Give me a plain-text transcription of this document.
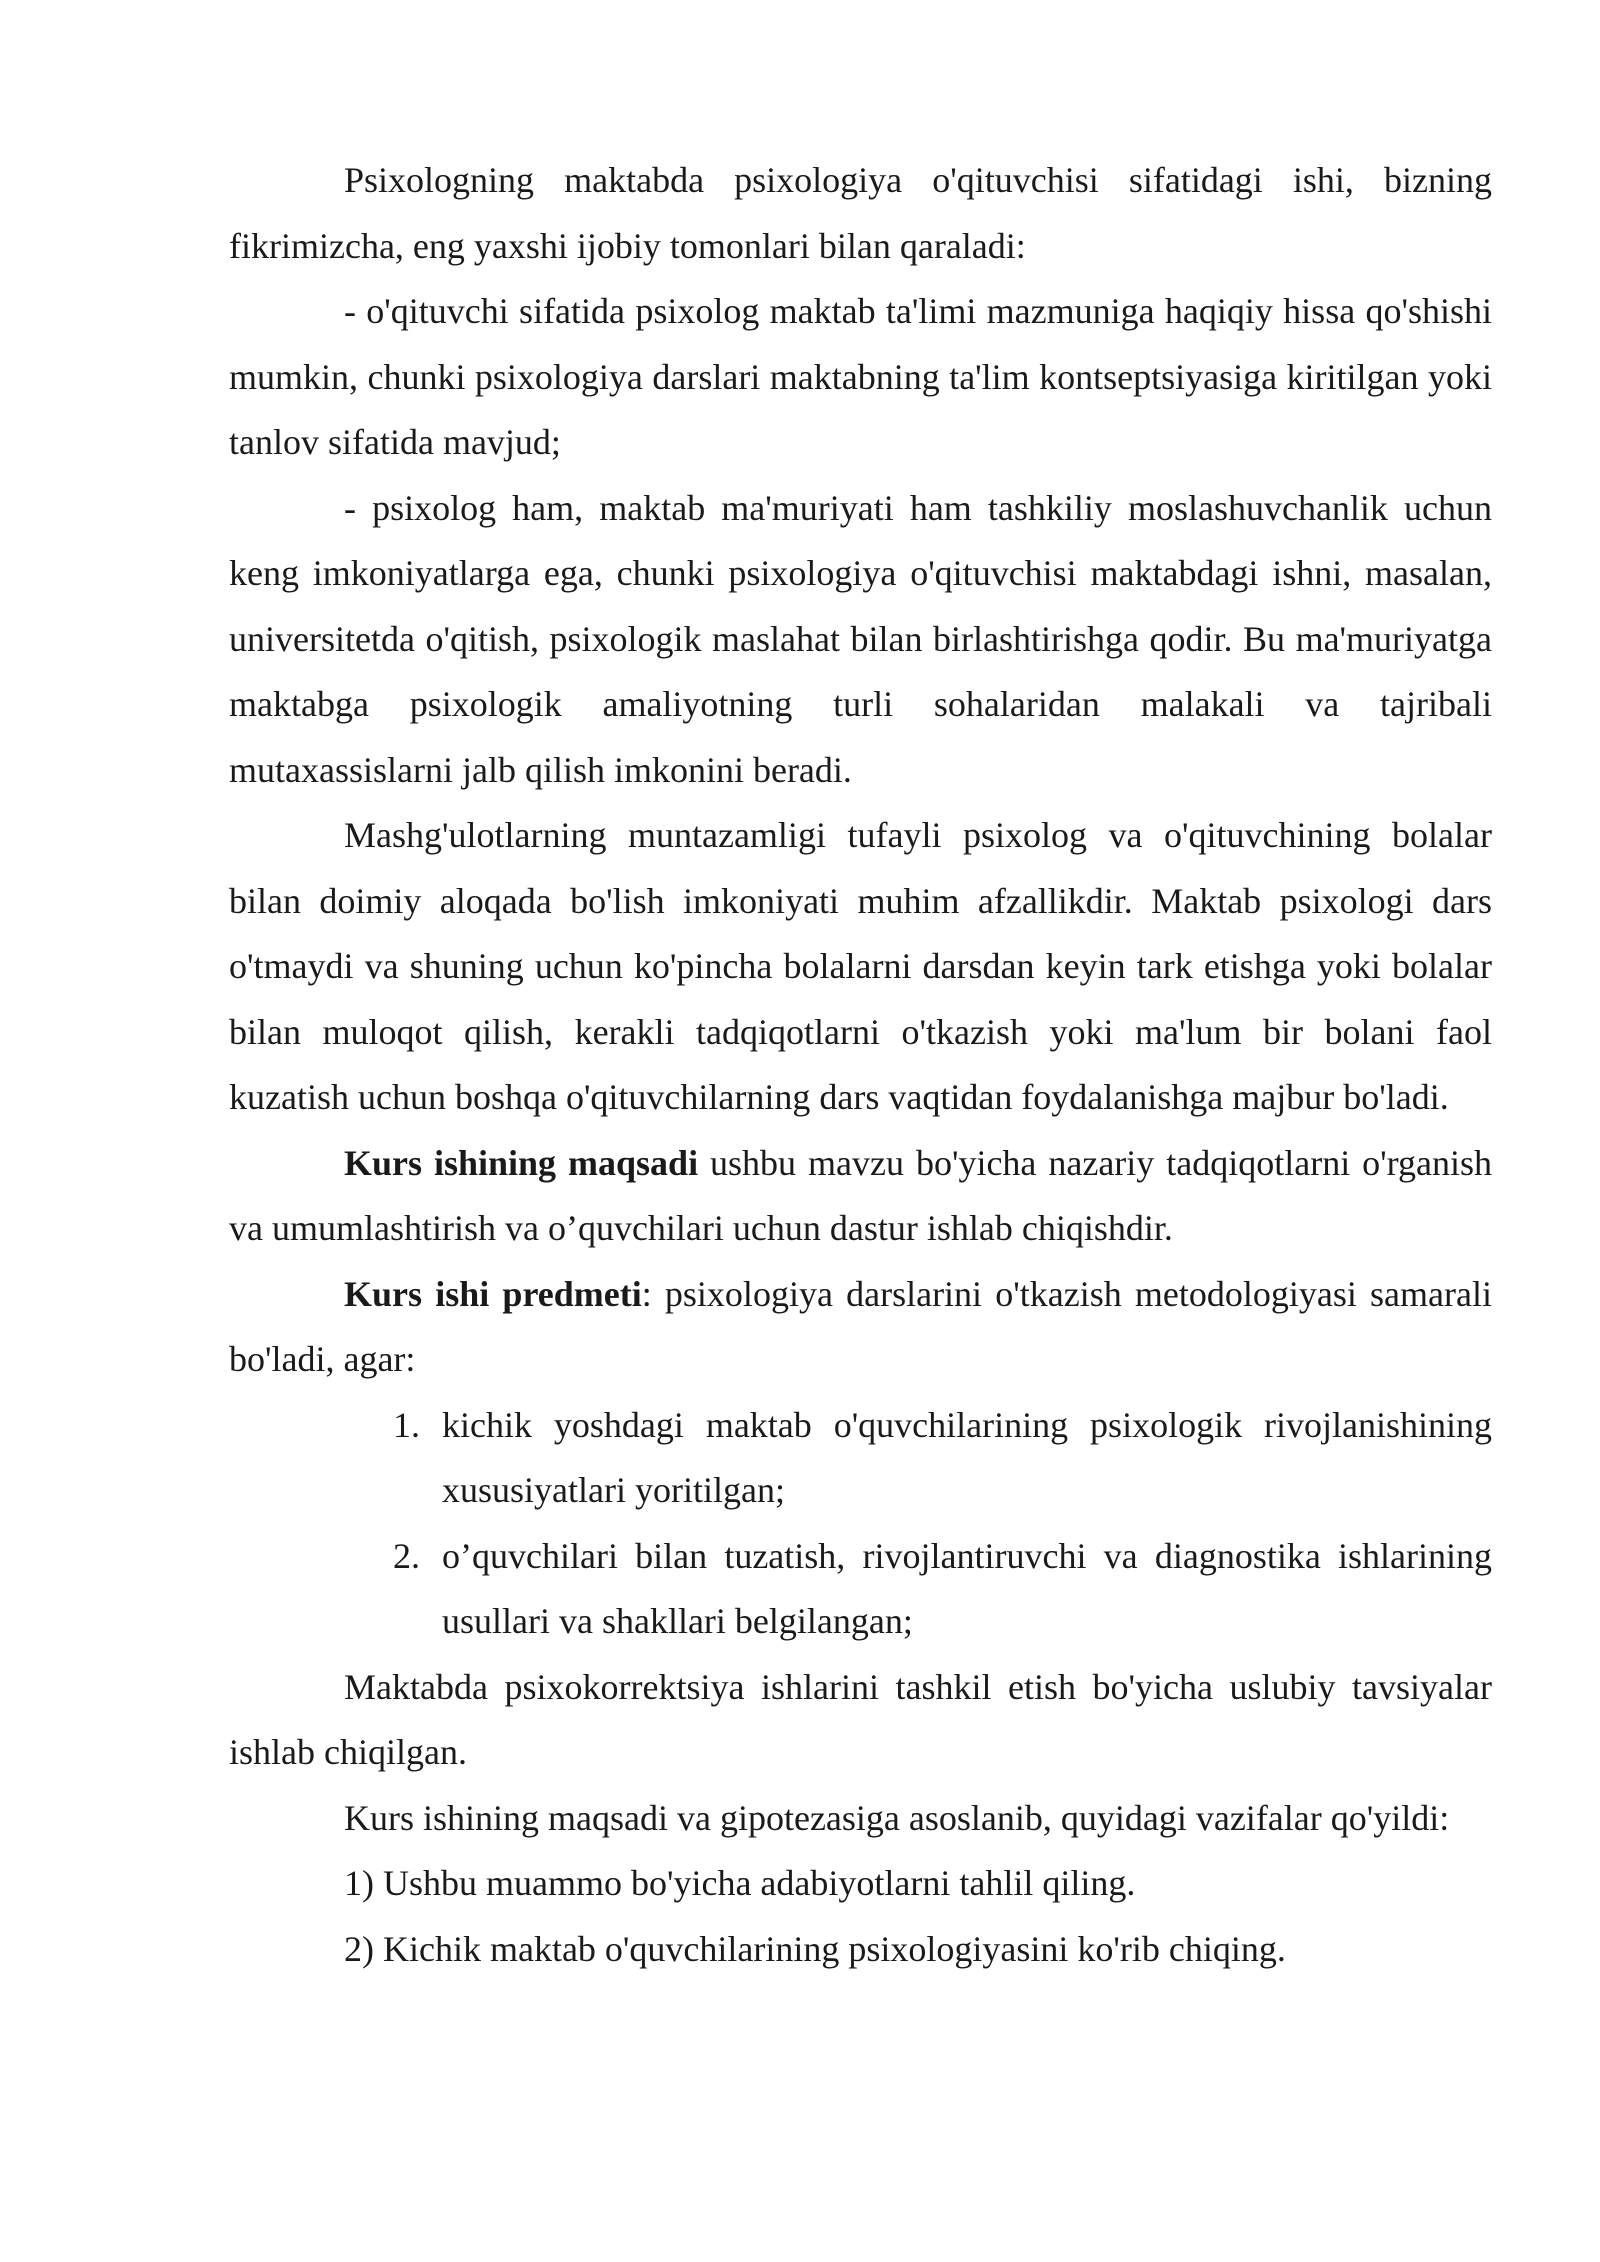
Psixologning maktabda psixologiya o'qituvchisi sifatidagi ishi, bizning fikrimizcha, eng yaxshi ijobiy tomonlari bilan qaraladi:

- o'qituvchi sifatida psixolog maktab ta'limi mazmuniga haqiqiy hissa qo'shishi mumkin, chunki psixologiya darslari maktabning ta'lim kontseptsiyasiga kiritilgan yoki tanlov sifatida mavjud;

- psixolog ham, maktab ma'muriyati ham tashkiliy moslashuvchanlik uchun keng imkoniyatlarga ega, chunki psixologiya o'qituvchisi maktabdagi ishni, masalan, universitetda o'qitish, psixologik maslahat bilan birlashtirishga qodir. Bu ma'muriyatga maktabga psixologik amaliyotning turli sohalaridan malakali va tajribali mutaxassislarni jalb qilish imkonini beradi.

Mashg'ulotlarning muntazamligi tufayli psixolog va o'qituvchining bolalar bilan doimiy aloqada bo'lish imkoniyati muhim afzallikdir. Maktab psixologi dars o'tmaydi va shuning uchun ko'pincha bolalarni darsdan keyin tark etishga yoki bolalar bilan muloqot qilish, kerakli tadqiqotlarni o'tkazish yoki ma'lum bir bolani faol kuzatish uchun boshqa o'qituvchilarning dars vaqtidan foydalanishga majbur bo'ladi.

Kurs ishining maqsadi ushbu mavzu bo'yicha nazariy tadqiqotlarni o'rganish va umumlashtirish va o’quvchilari uchun dastur ishlab chiqishdir.

Kurs ishi predmeti: psixologiya darslarini o'tkazish metodologiyasi samarali bo'ladi, agar:

1. kichik yoshdagi maktab o'quvchilarining psixologik rivojlanishining xususiyatlari yoritilgan;
2. o’quvchilari bilan tuzatish, rivojlantiruvchi va diagnostika ishlarining usullari va shakllari belgilangan;

Maktabda psixokorrektsiya ishlarini tashkil etish bo'yicha uslubiy tavsiyalar ishlab chiqilgan.

Kurs ishining maqsadi va gipotezasiga asoslanib, quyidagi vazifalar qo'yildi:

1) Ushbu muammo bo'yicha adabiyotlarni tahlil qiling.

2) Kichik maktab o'quvchilarining psixologiyasini ko'rib chiqing.
